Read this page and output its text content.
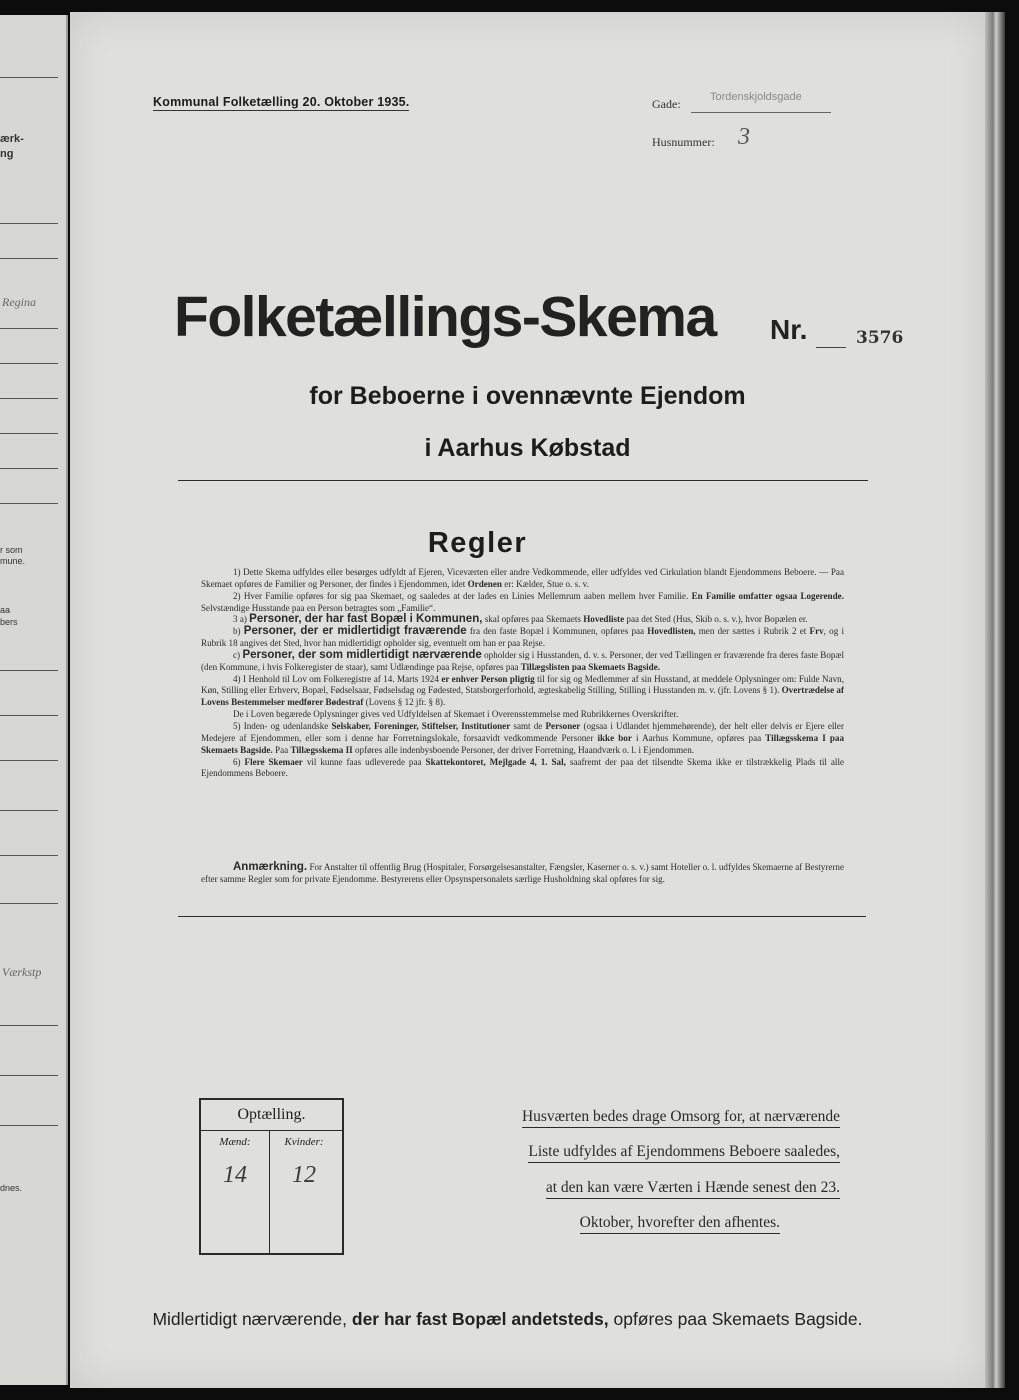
ærk-
ng
Regina
r som
mune.
aa
bers
Værkstp
dnes.
Kommunal Folketælling 20. Oktober 1935.	Gade:	Tordenskjoldsgade
Husnummer: 3
Folketællings-Skema Nr.	3576
for Beboerne i ovennævnte Ejendom
i Aarhus Købstad
Regler

1) Dette Skema udfyldes eller besørges udfyldt af Ejeren, Viceværten eller andre Vedkommende, eller udfyldes ved Cirkulation blandt Ejendommens Beboere. — Paa Skemaet opføres de Familier og Personer, der findes i Ejendommen, idet Ordenen er: Kælder, Stue o. s. v.

2) Hver Familie opføres for sig paa Skemaet, og saaledes at der lades en Linies Mellemrum aaben mellem hver Familie. En Familie omfatter ogsaa Logerende. Selvstændige Husstande paa en Person betragtes som „Familie“.

3 a) Personer, der har fast Bopæl i Kommunen, skal opføres paa Skemaets Hovedliste paa det Sted (Hus, Skib o. s. v.), hvor Bopælen er.

b) Personer, der er midlertidigt fraværende fra den faste Bopæl i Kommunen, opføres paa Hovedlisten, men der sættes i Rubrik 2 et Frv, og i Rubrik 18 angives det Sted, hvor han midlertidigt opholder sig, eventuelt om han er paa Rejse.

c) Personer, der som midlertidigt nærværende opholder sig i Husstanden, d. v. s. Personer, der ved Tællingen er fraværende fra deres faste Bopæl (den Kommune, i hvis Folkeregister de staar), samt Udlændinge paa Rejse, opføres paa Tillægslisten paa Skemaets Bagside.

4) I Henhold til Lov om Folkeregistre af 14. Marts 1924 er enhver Person pligtig til for sig og Medlemmer af sin Husstand, at meddele Oplysninger om: Fulde Navn, Køn, Stilling eller Erhverv, Bopæl, Fødselsaar, Fødselsdag og Fødested, Statsborgerforhold, ægteskabelig Stilling, Stilling i Husstanden m. v. (jfr. Lovens § 1). Overtrædelse af Lovens Bestemmelser medfører Bødestraf (Lovens § 12 jfr. § 8).

De i Loven begærede Oplysninger gives ved Udfyldelsen af Skemaet i Overensstemmelse med Rubrikkernes Overskrifter.

5) Inden- og udenlandske Selskaber, Foreninger, Stiftelser, Institutioner samt de Personer (ogsaa i Udlandet hjemmehørende), der helt eller delvis er Ejere eller Medejere af Ejendommen, eller som i denne har Forretningslokale, forsaavidt vedkommende Personer ikke bor i Aarhus Kommune, opføres paa Tillægsskema I paa Skemaets Bagside. Paa Tillægsskema II opføres alle indenbysboende Personer, der driver Forretning, Haandværk o. l. i Ejendommen.

6) Flere Skemaer vil kunne faas udleverede paa Skattekontoret, Mejlgade 4, 1. Sal, saafremt der paa det tilsendte Skema ikke er tilstrækkelig Plads til alle Ejendommens Beboere.

Anmærkning. For Anstalter til offentlig Brug (Hospitaler, Forsørgelsesanstalter, Fængsler, Kaserner o. s. v.) samt Hoteller o. l. udfyldes Skemaerne af Bestyrerne efter samme Regler som for private Ejendomme. Bestyrerens eller Opsynspersonalets særlige Husholdning skal opføres for sig.
Optælling.
Mænd:	Kvinder:
14	12
Husværten bedes drage Omsorg for, at nærværende
Liste udfyldes af Ejendommens Beboere saaledes,
at den kan være Værten i Hænde senest den 23.
Oktober, hvorefter den afhentes.
Midlertidigt nærværende, der har fast Bopæl andetsteds, opføres paa Skemaets Bagside.
